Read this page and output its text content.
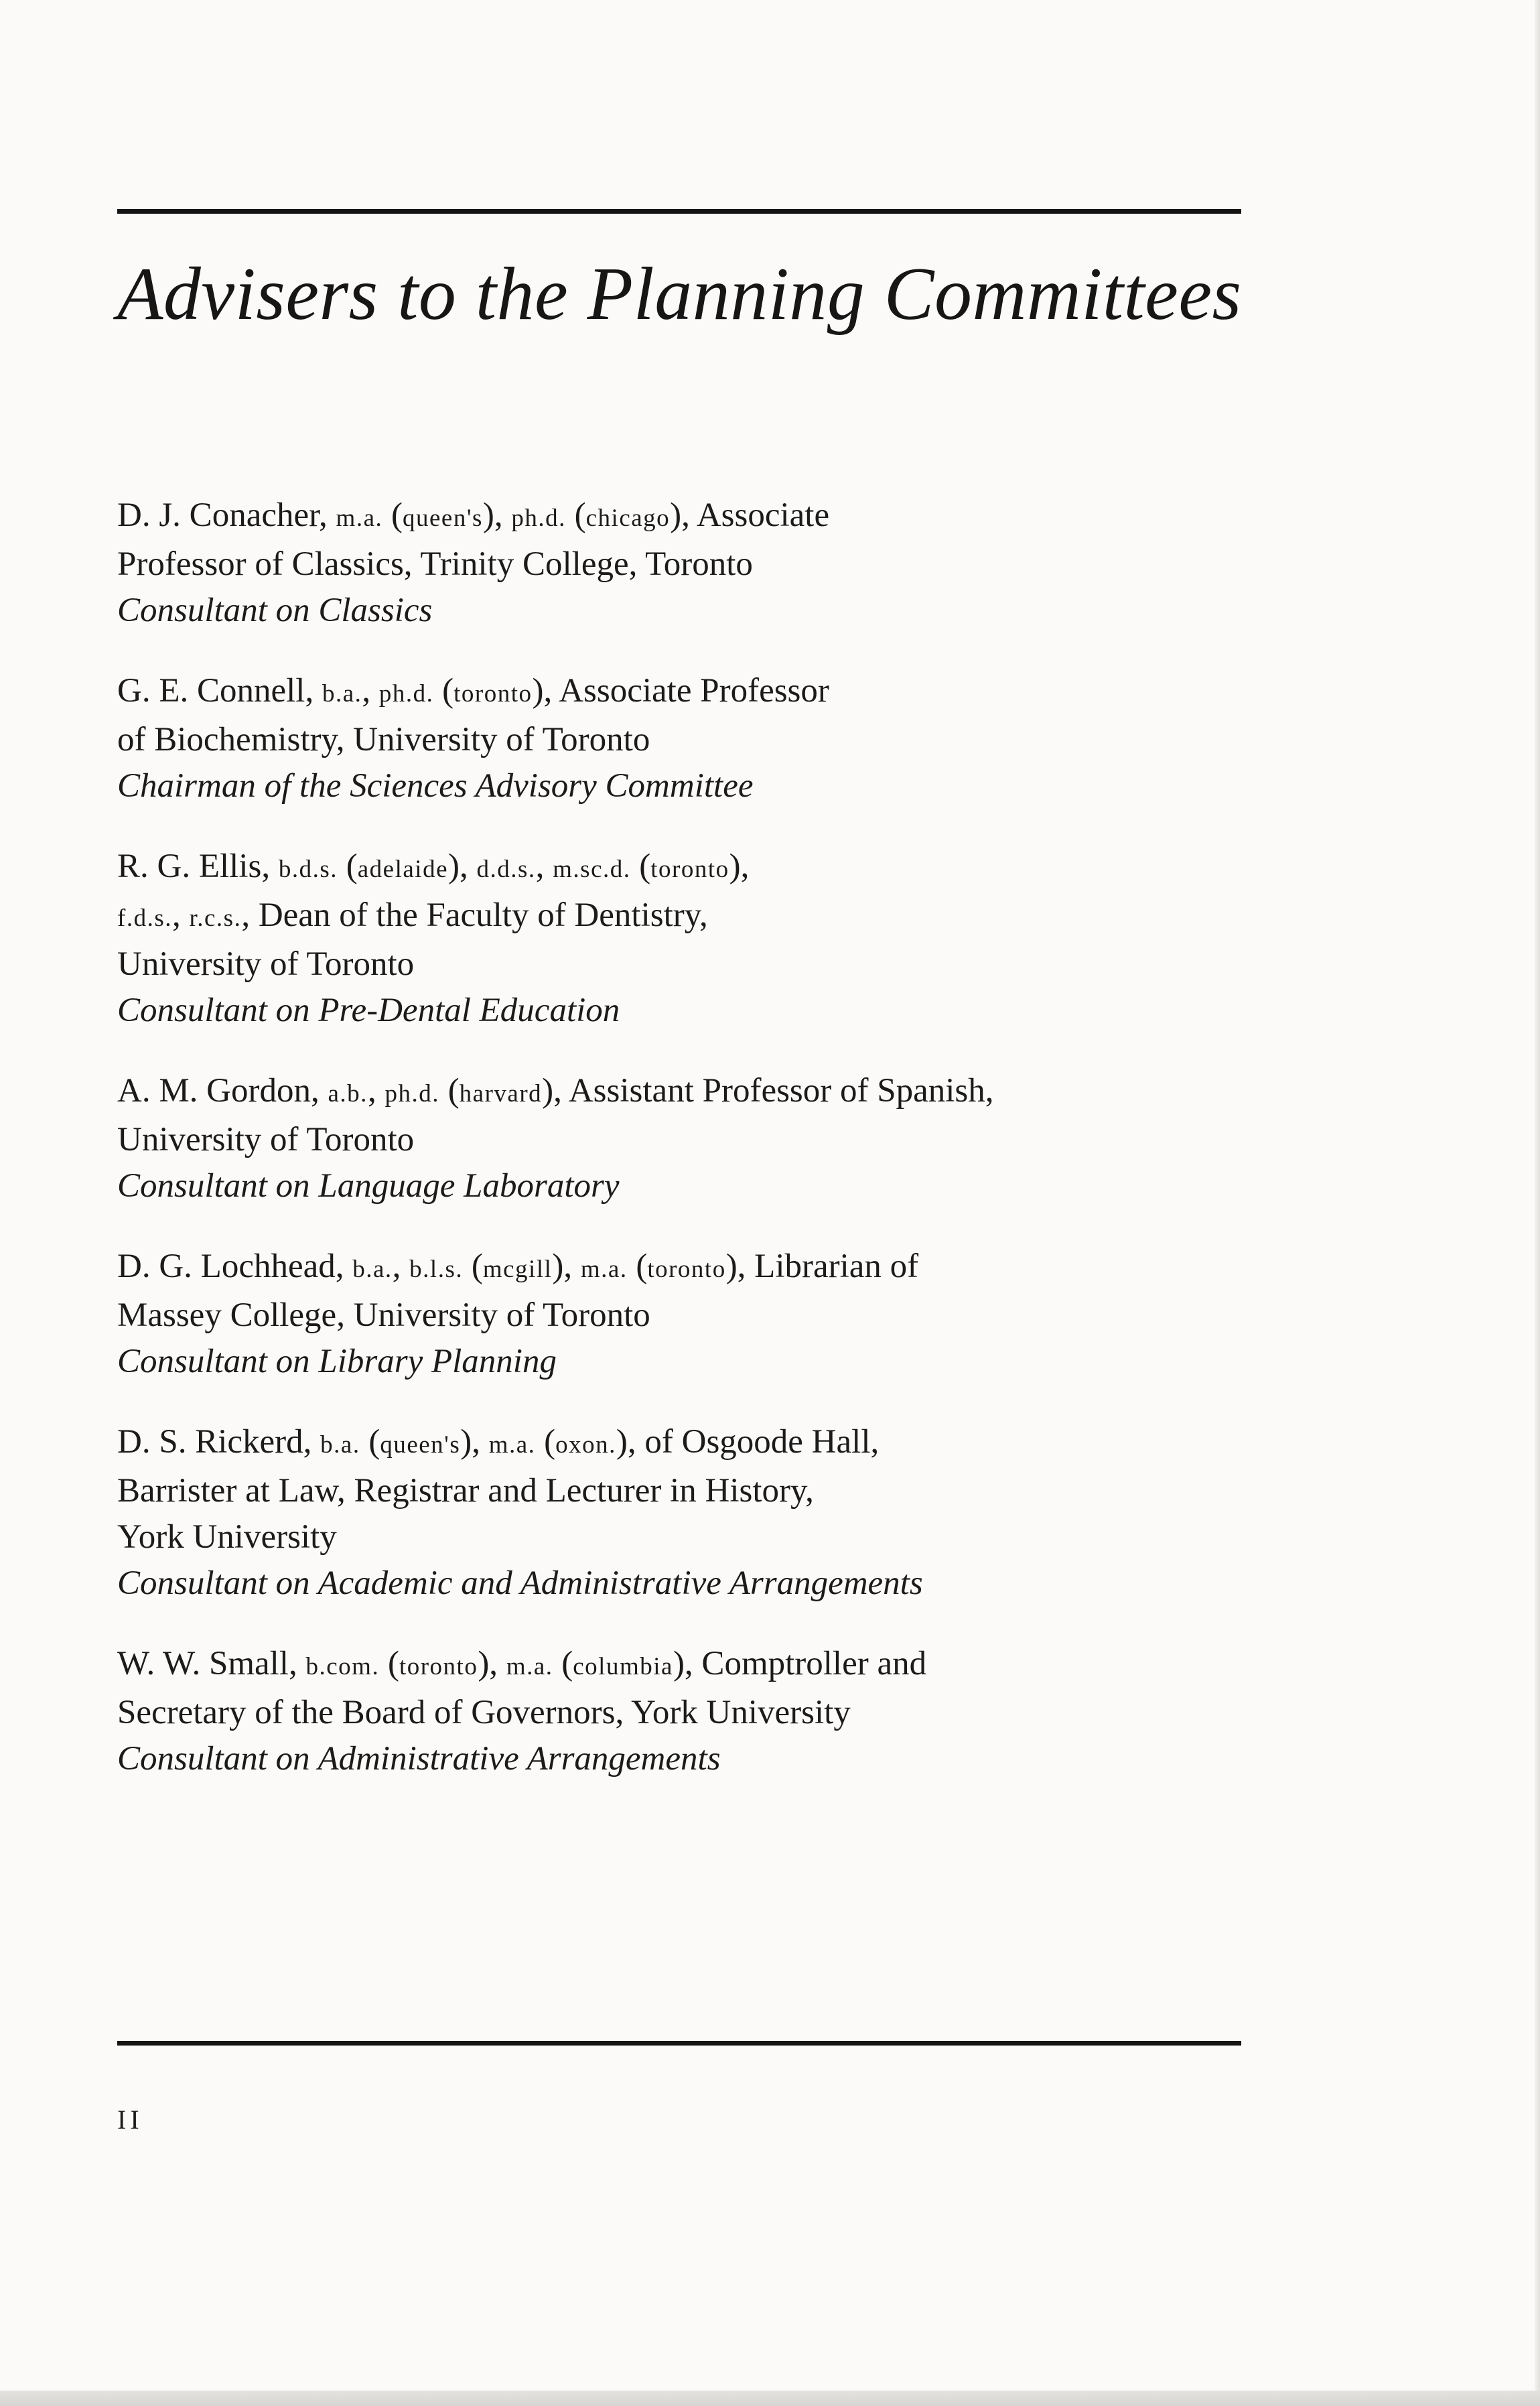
Advisers to the Planning Committees

D. J. Conacher, m.a. (queen's), ph.d. (chicago), Associate
Professor of Classics, Trinity College, Toronto
Consultant on Classics

G. E. Connell, b.a., ph.d. (toronto), Associate Professor
of Biochemistry, University of Toronto
Chairman of the Sciences Advisory Committee

R. G. Ellis, b.d.s. (adelaide), d.d.s., m.sc.d. (toronto),
f.d.s., r.c.s., Dean of the Faculty of Dentistry,
University of Toronto
Consultant on Pre-Dental Education

A. M. Gordon, a.b., ph.d. (harvard), Assistant Professor of Spanish,
University of Toronto
Consultant on Language Laboratory

D. G. Lochhead, b.a., b.l.s. (mcgill), m.a. (toronto), Librarian of
Massey College, University of Toronto
Consultant on Library Planning

D. S. Rickerd, b.a. (queen's), m.a. (oxon.), of Osgoode Hall,
Barrister at Law, Registrar and Lecturer in History,
York University
Consultant on Academic and Administrative Arrangements

W. W. Small, b.com. (toronto), m.a. (columbia), Comptroller and
Secretary of the Board of Governors, York University
Consultant on Administrative Arrangements

II
